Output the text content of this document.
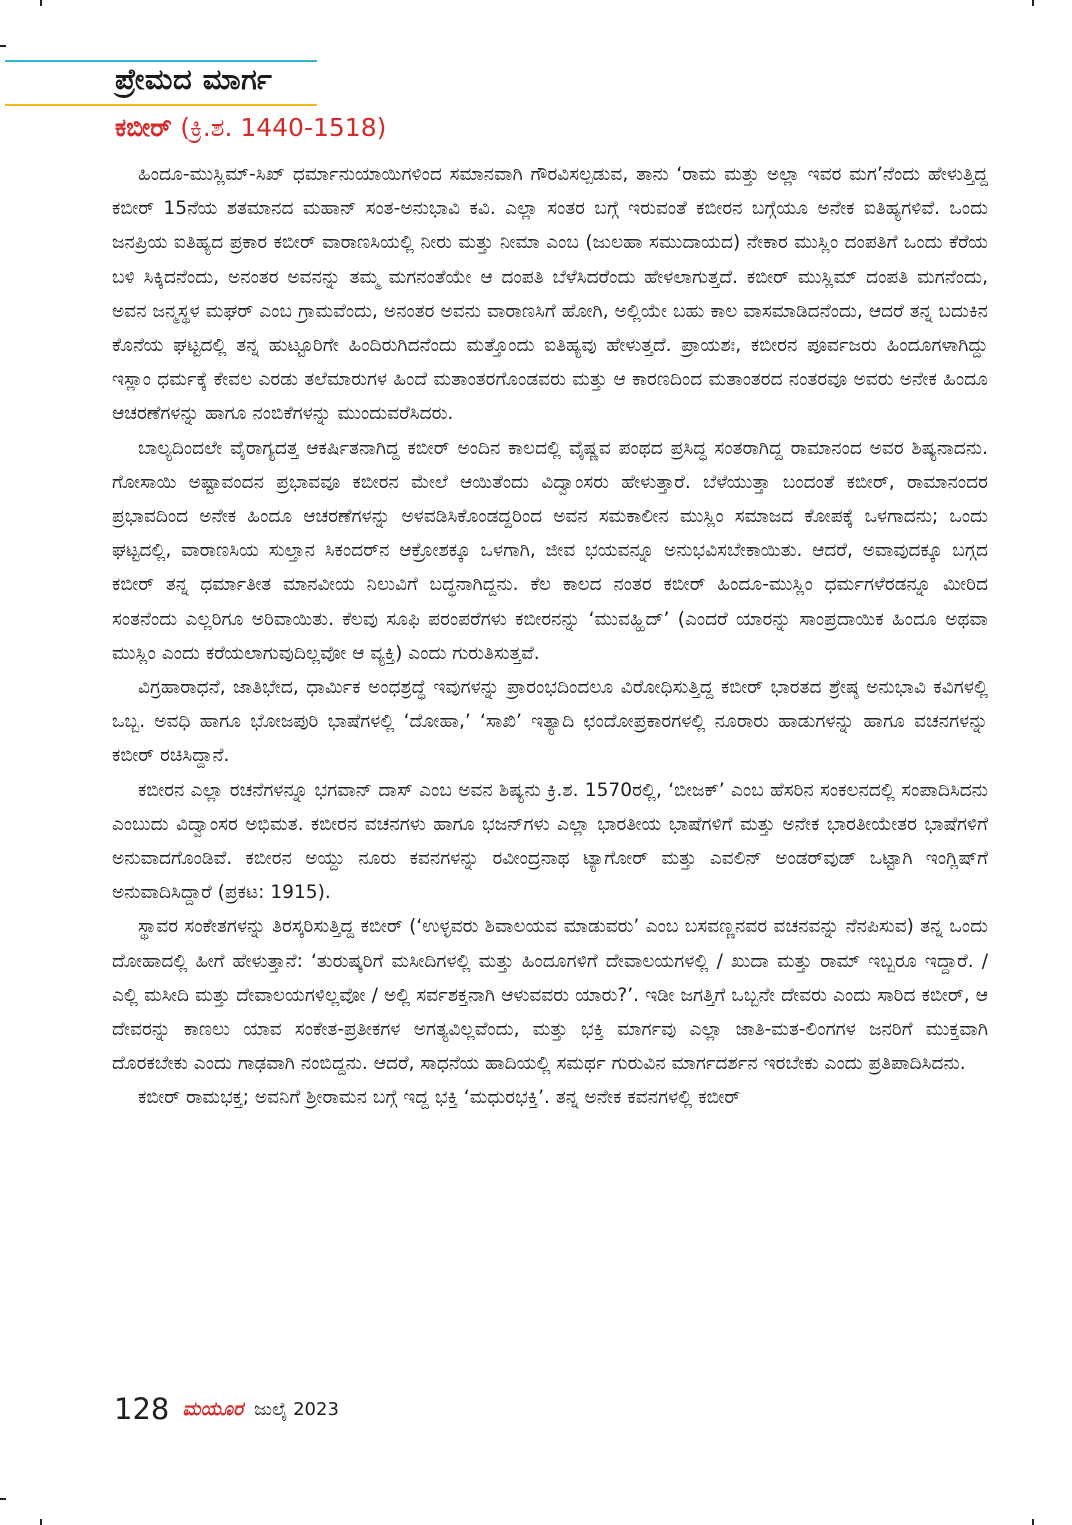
ಪ್ರೇಮದ ಮಾರ್ಗ
ಕಬೀರ್ (ಕ್ರಿ.ಶ. 1440-1518)

ಹಿಂದೂ-ಮುಸ್ಲಿಮ್-ಸಿಖ್ ಧರ್ಮಾನುಯಾಯಿಗಳಿಂದ ಸಮಾನವಾಗಿ ಗೌರವಿಸಲ್ಪಡುವ, ತಾನು ‘ರಾಮ ಮತ್ತು ಅಲ್ಲಾ ಇವರ ಮಗ’ನೆಂದು ಹೇಳುತ್ತಿದ್ದ ಕಬೀರ್ 15ನೆಯ ಶತಮಾನದ ಮಹಾನ್ ಸಂತ-ಅನುಭಾವಿ ಕವಿ. ಎಲ್ಲಾ ಸಂತರ ಬಗ್ಗೆ ಇರುವಂತೆ ಕಬೀರನ ಬಗ್ಗೆಯೂ ಅನೇಕ ಐತಿಹ್ಯಗಳಿವೆ. ಒಂದು ಜನಪ್ರಿಯ ಐತಿಹ್ಯದ ಪ್ರಕಾರ ಕಬೀರ್ ವಾರಾಣಸಿಯಲ್ಲಿ ನೀರು ಮತ್ತು ನೀಮಾ ಎಂಬ (ಜುಲಹಾ ಸಮುದಾಯದ) ನೇಕಾರ ಮುಸ್ಲಿಂ ದಂಪತಿಗೆ ಒಂದು ಕೆರೆಯ ಬಳಿ ಸಿಕ್ಕಿದನೆಂದು, ಅನಂತರ ಅವನನ್ನು ತಮ್ಮ ಮಗನಂತೆಯೇ ಆ ದಂಪತಿ ಬೆಳೆಸಿದರೆಂದು ಹೇಳಲಾಗುತ್ತದೆ. ಕಬೀರ್ ಮುಸ್ಲಿಮ್ ದಂಪತಿ ಮಗನೆಂದು, ಅವನ ಜನ್ಮಸ್ಥಳ ಮಘರ್ ಎಂಬ ಗ್ರಾಮವೆಂದು, ಅನಂತರ ಅವನು ವಾರಾಣಸಿಗೆ ಹೋಗಿ, ಅಲ್ಲಿಯೇ ಬಹು ಕಾಲ ವಾಸಮಾಡಿದನೆಂದು, ಆದರೆ ತನ್ನ ಬದುಕಿನ ಕೊನೆಯ ಘಟ್ಟದಲ್ಲಿ ತನ್ನ ಹುಟ್ಟೂರಿಗೇ ಹಿಂದಿರುಗಿದನೆಂದು ಮತ್ತೊಂದು ಐತಿಹ್ಯವು ಹೇಳುತ್ತದೆ. ಪ್ರಾಯಶಃ, ಕಬೀರನ ಪೂರ್ವಜರು ಹಿಂದೂಗಳಾಗಿದ್ದು ಇಸ್ಲಾಂ ಧರ್ಮಕ್ಕೆ ಕೇವಲ ಎರಡು ತಲೆಮಾರುಗಳ ಹಿಂದೆ ಮತಾಂತರಗೊಂಡವರು ಮತ್ತು ಆ ಕಾರಣದಿಂದ ಮತಾಂತರದ ನಂತರವೂ ಅವರು ಅನೇಕ ಹಿಂದೂ ಆಚರಣೆಗಳನ್ನು ಹಾಗೂ ನಂಬಿಕೆಗಳನ್ನು ಮುಂದುವರೆಸಿದರು.

ಬಾಲ್ಯದಿಂದಲೇ ವೈರಾಗ್ಯದತ್ತ ಆಕರ್ಷಿತನಾಗಿದ್ದ ಕಬೀರ್ ಅಂದಿನ ಕಾಲದಲ್ಲಿ ವೈಷ್ಣವ ಪಂಥದ ಪ್ರಸಿದ್ಧ ಸಂತರಾಗಿದ್ದ ರಾಮಾನಂದ ಅವರ ಶಿಷ್ಯನಾದನು. ಗೋಸಾಯಿ ಅಷ್ಟಾವಂದನ ಪ್ರಭಾವವೂ ಕಬೀರನ ಮೇಲೆ ಆಯಿತೆಂದು ವಿದ್ವಾಂಸರು ಹೇಳುತ್ತಾರೆ. ಬೆಳೆಯುತ್ತಾ ಬಂದಂತೆ ಕಬೀರ್, ರಾಮಾನಂದರ ಪ್ರಭಾವದಿಂದ ಅನೇಕ ಹಿಂದೂ ಆಚರಣೆಗಳನ್ನು ಅಳವಡಿಸಿಕೊಂಡದ್ದರಿಂದ ಅವನ ಸಮಕಾಲೀನ ಮುಸ್ಲಿಂ ಸಮಾಜದ ಕೋಪಕ್ಕೆ ಒಳಗಾದನು; ಒಂದು ಘಟ್ಟದಲ್ಲಿ, ವಾರಾಣಸಿಯ ಸುಲ್ತಾನ ಸಿಕಂದರ್‌ನ ಆಕ್ರೋಶಕ್ಕೂ ಒಳಗಾಗಿ, ಜೀವ ಭಯವನ್ನೂ ಅನುಭವಿಸಬೇಕಾಯಿತು. ಆದರೆ, ಅವಾವುದಕ್ಕೂ ಬಗ್ಗದ ಕಬೀರ್ ತನ್ನ ಧರ್ಮಾತೀತ ಮಾನವೀಯ ನಿಲುವಿಗೆ ಬದ್ಧನಾಗಿದ್ದನು. ಕೆಲ ಕಾಲದ ನಂತರ ಕಬೀರ್ ಹಿಂದೂ-ಮುಸ್ಲಿಂ ಧರ್ಮಗಳೆರಡನ್ನೂ ಮೀರಿದ ಸಂತನೆಂದು ಎಲ್ಲರಿಗೂ ಅರಿವಾಯಿತು. ಕೆಲವು ಸೂಫಿ ಪರಂಪರೆಗಳು ಕಬೀರನನ್ನು ‘ಮುವಹ್ಹಿದ್’ (ಎಂದರೆ ಯಾರನ್ನು ಸಾಂಪ್ರದಾಯಿಕ ಹಿಂದೂ ಅಥವಾ ಮುಸ್ಲಿಂ ಎಂದು ಕರೆಯಲಾಗುವುದಿಲ್ಲವೋ ಆ ವ್ಯಕ್ತಿ) ಎಂದು ಗುರುತಿಸುತ್ತವೆ.

ವಿಗ್ರಹಾರಾಧನೆ, ಜಾತಿಭೇದ, ಧಾರ್ಮಿಕ ಅಂಧಶ್ರದ್ಧೆ ಇವುಗಳನ್ನು ಪ್ರಾರಂಭದಿಂದಲೂ ವಿರೋಧಿಸುತ್ತಿದ್ದ ಕಬೀರ್ ಭಾರತದ ಶ್ರೇಷ್ಠ ಅನುಭಾವಿ ಕವಿಗಳಲ್ಲಿ ಒಬ್ಬ. ಅವಧಿ ಹಾಗೂ ಭೋಜಪುರಿ ಭಾಷೆಗಳಲ್ಲಿ ‘ದೋಹಾ,’ ‘ಸಾಖಿ’ ಇತ್ಯಾದಿ ಛಂದೋಪ್ರಕಾರಗಳಲ್ಲಿ ನೂರಾರು ಹಾಡುಗಳನ್ನು ಹಾಗೂ ವಚನಗಳನ್ನು ಕಬೀರ್ ರಚಿಸಿದ್ದಾನೆ.

ಕಬೀರನ ಎಲ್ಲಾ ರಚನೆಗಳನ್ನೂ ಭಗವಾನ್ ದಾಸ್ ಎಂಬ ಅವನ ಶಿಷ್ಯನು ಕ್ರಿ.ಶ. 1570ರಲ್ಲಿ, ‘ಬೀಜಕ್’ ಎಂಬ ಹೆಸರಿನ ಸಂಕಲನದಲ್ಲಿ ಸಂಪಾದಿಸಿದನು ಎಂಬುದು ವಿದ್ವಾಂಸರ ಅಭಿಮತ. ಕಬೀರನ ವಚನಗಳು ಹಾಗೂ ಭಜನ್‌ಗಳು ಎಲ್ಲಾ ಭಾರತೀಯ ಭಾಷೆಗಳಿಗೆ ಮತ್ತು ಅನೇಕ ಭಾರತೀಯೇತರ ಭಾಷೆಗಳಿಗೆ ಅನುವಾದಗೊಂಡಿವೆ. ಕಬೀರನ ಅಯ್ದು ನೂರು ಕವನಗಳನ್ನು ರವೀಂದ್ರನಾಥ ಟ್ಯಾಗೋರ್ ಮತ್ತು ಎವಲಿನ್ ಅಂಡರ್‌ವುಡ್ ಒಟ್ಟಾಗಿ ಇಂಗ್ಲಿಷ್‌ಗೆ ಅನುವಾದಿಸಿದ್ದಾರೆ (ಪ್ರಕಟ: 1915).

ಸ್ಥಾವರ ಸಂಕೇತಗಳನ್ನು ತಿರಸ್ಕರಿಸುತ್ತಿದ್ದ ಕಬೀರ್ (‘ಉಳ್ಳವರು ಶಿವಾಲಯವ ಮಾಡುವರು’ ಎಂಬ ಬಸವಣ್ಣನವರ ವಚನವನ್ನು ನೆನಪಿಸುವ) ತನ್ನ ಒಂದು ದೋಹಾದಲ್ಲಿ ಹೀಗೆ ಹೇಳುತ್ತಾನೆ: ‘ತುರುಷ್ಕರಿಗೆ ಮಸೀದಿಗಳಲ್ಲಿ ಮತ್ತು ಹಿಂದೂಗಳಿಗೆ ದೇವಾಲಯಗಳಲ್ಲಿ / ಖುದಾ ಮತ್ತು ರಾಮ್ ಇಬ್ಬರೂ ಇದ್ದಾರೆ. / ಎಲ್ಲಿ ಮಸೀದಿ ಮತ್ತು ದೇವಾಲಯಗಳಿಲ್ಲವೋ / ಅಲ್ಲಿ ಸರ್ವಶಕ್ತನಾಗಿ ಆಳುವವರು ಯಾರು?’. ಇಡೀ ಜಗತ್ತಿಗೆ ಒಬ್ಬನೇ ದೇವರು ಎಂದು ಸಾರಿದ ಕಬೀರ್, ಆ ದೇವರನ್ನು ಕಾಣಲು ಯಾವ ಸಂಕೇತ-ಪ್ರತೀಕಗಳ ಅಗತ್ಯವಿಲ್ಲವೆಂದು, ಮತ್ತು ಭಕ್ತಿ ಮಾರ್ಗವು ಎಲ್ಲಾ ಜಾತಿ-ಮತ-ಲಿಂಗಗಳ ಜನರಿಗೆ ಮುಕ್ತವಾಗಿ ದೊರಕಬೇಕು ಎಂದು ಗಾಢವಾಗಿ ನಂಬಿದ್ದನು. ಆದರೆ, ಸಾಧನೆಯ ಹಾದಿಯಲ್ಲಿ ಸಮರ್ಥ ಗುರುವಿನ ಮಾರ್ಗದರ್ಶನ ಇರಬೇಕು ಎಂದು ಪ್ರತಿಪಾದಿಸಿದನು.

ಕಬೀರ್ ರಾಮಭಕ್ತ; ಅವನಿಗೆ ಶ್ರೀರಾಮನ ಬಗ್ಗೆ ಇದ್ದ ಭಕ್ತಿ ‘ಮಧುರಭಕ್ತಿ’. ತನ್ನ ಅನೇಕ ಕವನಗಳಲ್ಲಿ ಕಬೀರ್

128 ಮಯೂರ ಜುಲೈ 2023
